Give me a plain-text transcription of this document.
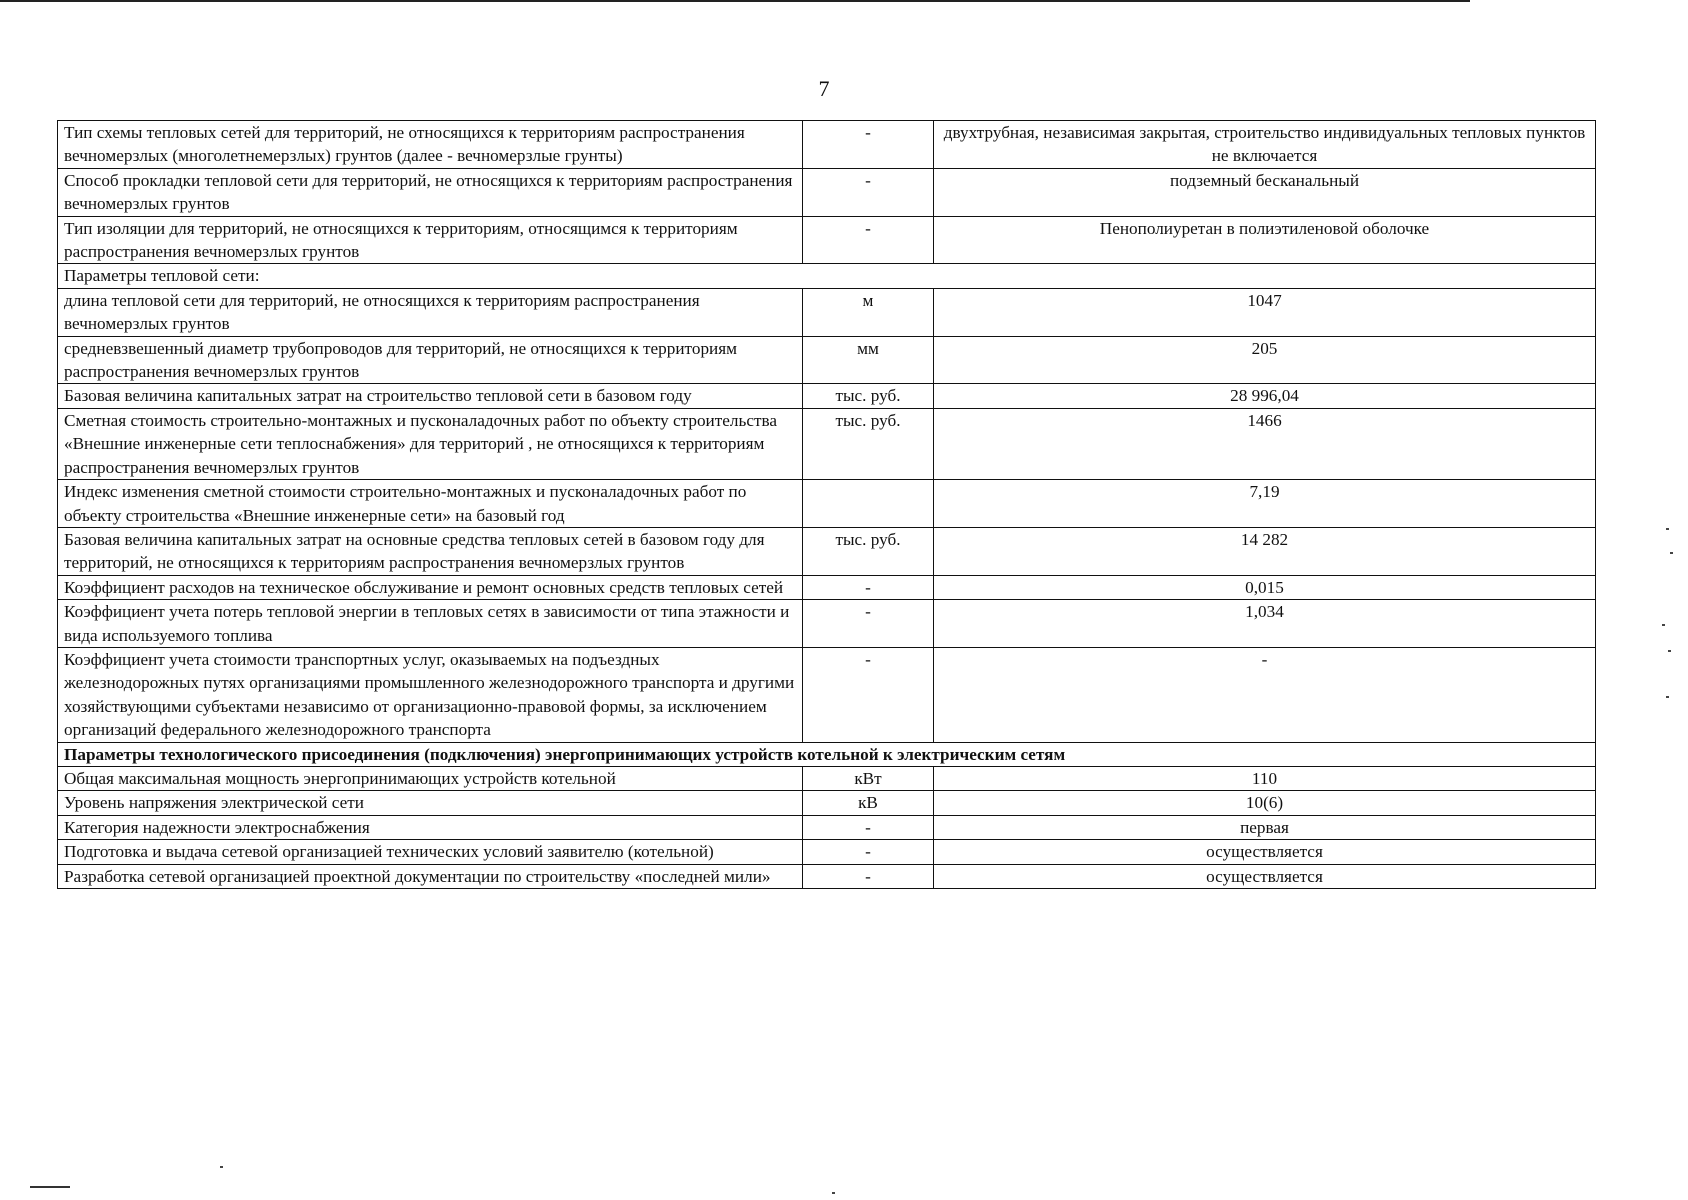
7
Тип схемы тепловых сетей для территорий, не относящихся к территориям распространения вечномерзлых (многолетнемерзлых) грунтов (далее - вечномерзлые грунты)	-	двухтрубная, независимая закрытая, строительство индивидуальных тепловых пунктов не включается
Способ прокладки тепловой сети для территорий, не относящихся к территориям распространения вечномерзлых грунтов	-	подземный бесканальный
Тип изоляции для территорий, не относящихся к территориям, относящимся к территориям распространения вечномерзлых грунтов	-	Пенополиуретан в полиэтиленовой оболочке
Параметры тепловой сети:		
длина тепловой сети для территорий, не относящихся к территориям распространения вечномерзлых грунтов	м	1047
средневзвешенный диаметр трубопроводов для территорий, не относящихся к территориям распространения вечномерзлых грунтов	мм	205
Базовая величина капитальных затрат на строительство тепловой сети в базовом году	тыс. руб.	28 996,04
Сметная стоимость строительно-монтажных и пусконаладочных работ по объекту строительства «Внешние инженерные сети теплоснабжения» для территорий , не относящихся к территориям распространения вечномерзлых грунтов	тыс. руб.	1466
Индекс изменения сметной стоимости строительно-монтажных и пусконаладочных работ по объекту строительства «Внешние инженерные сети» на базовый год		7,19
Базовая величина капитальных затрат на основные средства тепловых сетей в базовом году для территорий, не относящихся к территориям распространения вечномерзлых грунтов	тыс. руб.	14 282
Коэффициент расходов на техническое обслуживание и ремонт основных средств тепловых сетей	-	0,015
Коэффициент учета потерь тепловой энергии в тепловых сетях в зависимости от типа этажности и вида используемого топлива	-	1,034
Коэффициент учета стоимости транспортных услуг, оказываемых на подъездных железнодорожных путях организациями промышленного железнодорожного транспорта и другими хозяйствующими субъектами независимо от организационно-правовой формы, за исключением организаций федерального железнодорожного транспорта	-	-
Параметры технологического присоединения (подключения) энергопринимающих устройств котельной к электрическим сетям		
Общая максимальная мощность энергопринимающих устройств котельной	кВт	110
Уровень напряжения электрической сети	кВ	10(6)
Категория надежности электроснабжения	-	первая
Подготовка и выдача сетевой организацией технических условий заявителю (котельной)	-	осуществляется
Разработка сетевой организацией проектной документации по строительству «последней мили»	-	осуществляется
